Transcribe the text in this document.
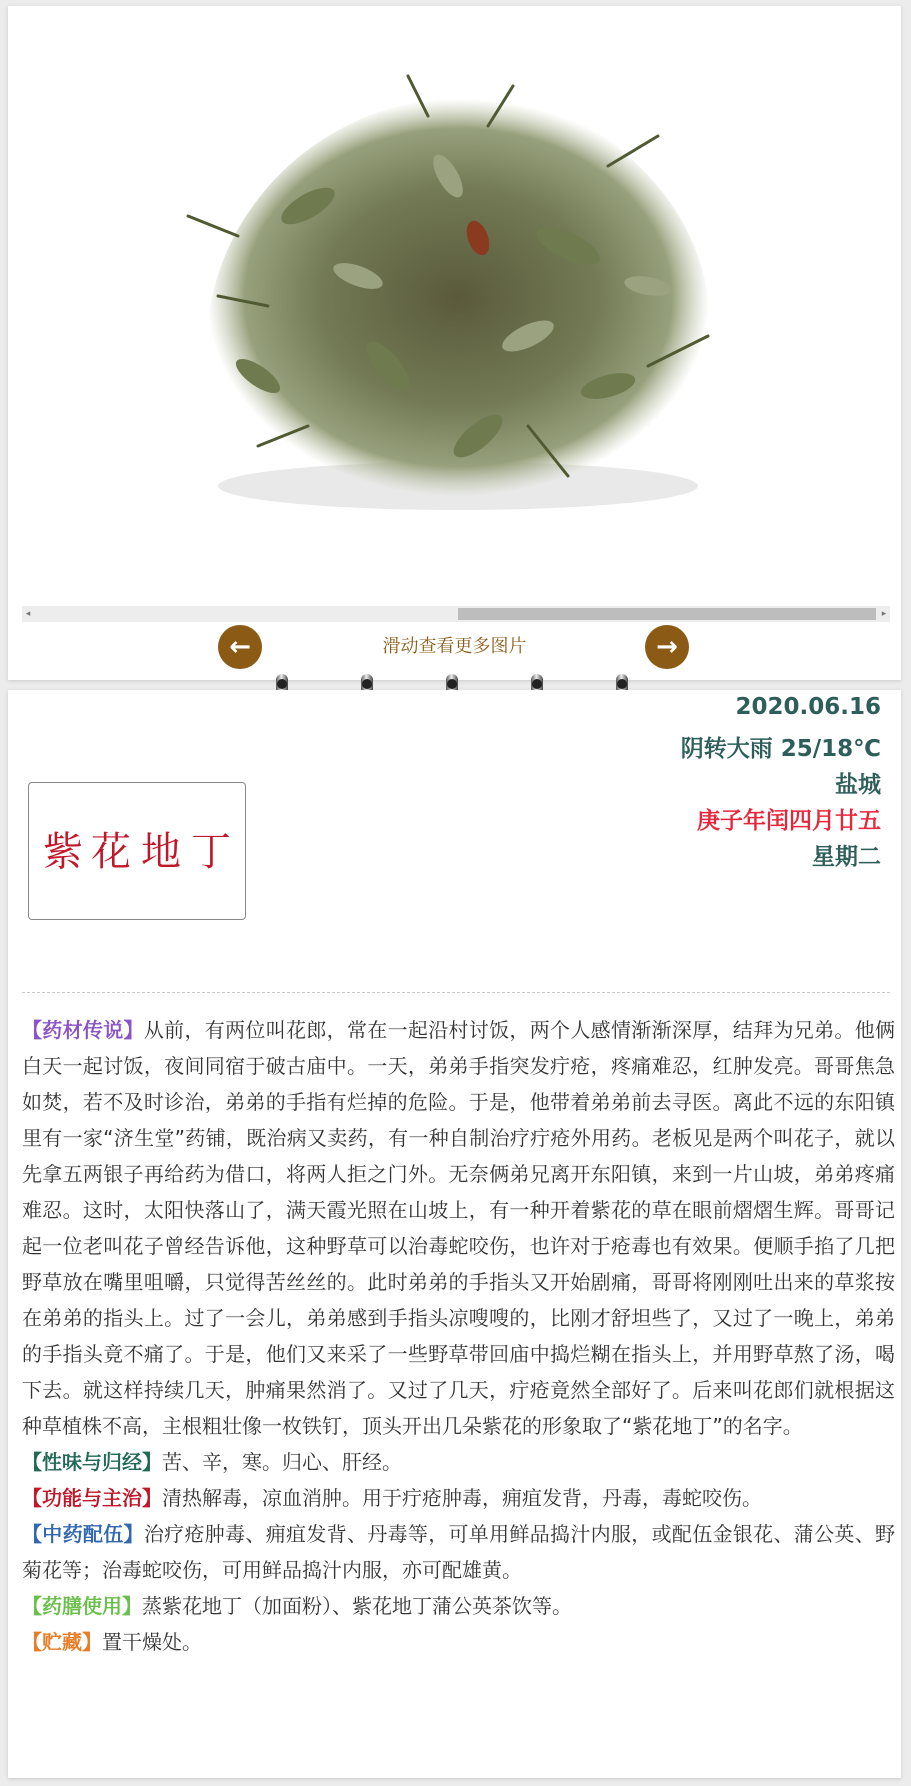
◂	▸
←	滑动查看更多图片	→
紫 花 地 丁
2020.06.16
阴转大雨 25/18℃
盐城
庚子年闰四月廿五
星期二

【药材传说】从前，有两位叫花郎，常在一起沿村讨饭，两个人感情渐渐深厚，结拜为兄弟。他俩白天一起讨饭，夜间同宿于破古庙中。一天，弟弟手指突发疔疮，疼痛难忍，红肿发亮。哥哥焦急如焚，若不及时诊治，弟弟的手指有烂掉的危险。于是，他带着弟弟前去寻医。离此不远的东阳镇里有一家“济生堂”药铺，既治病又卖药，有一种自制治疗疔疮外用药。老板见是两个叫花子，就以先拿五两银子再给药为借口，将两人拒之门外。无奈俩弟兄离开东阳镇，来到一片山坡，弟弟疼痛难忍。这时，太阳快落山了，满天霞光照在山坡上，有一种开着紫花的草在眼前熠熠生辉。哥哥记起一位老叫花子曾经告诉他，这种野草可以治毒蛇咬伤，也许对于疮毒也有效果。便顺手掐了几把野草放在嘴里咀嚼，只觉得苦丝丝的。此时弟弟的手指头又开始剧痛，哥哥将刚刚吐出来的草浆按在弟弟的指头上。过了一会儿，弟弟感到手指头凉嗖嗖的，比刚才舒坦些了，又过了一晚上，弟弟的手指头竟不痛了。于是，他们又来采了一些野草带回庙中捣烂糊在指头上，并用野草熬了汤，喝下去。就这样持续几天，肿痛果然消了。又过了几天，疔疮竟然全部好了。后来叫花郎们就根据这种草植株不高，主根粗壮像一枚铁钉，顶头开出几朵紫花的形象取了“紫花地丁”的名字。

【性味与归经】苦、辛，寒。归心、肝经。

【功能与主治】清热解毒，凉血消肿。用于疔疮肿毒，痈疽发背，丹毒，毒蛇咬伤。

【中药配伍】治疗疮肿毒、痈疽发背、丹毒等，可单用鲜品捣汁内服，或配伍金银花、蒲公英、野菊花等；治毒蛇咬伤，可用鲜品捣汁内服，亦可配雄黄。

【药膳使用】蒸紫花地丁（加面粉）、紫花地丁蒲公英茶饮等。

【贮藏】置干燥处。
